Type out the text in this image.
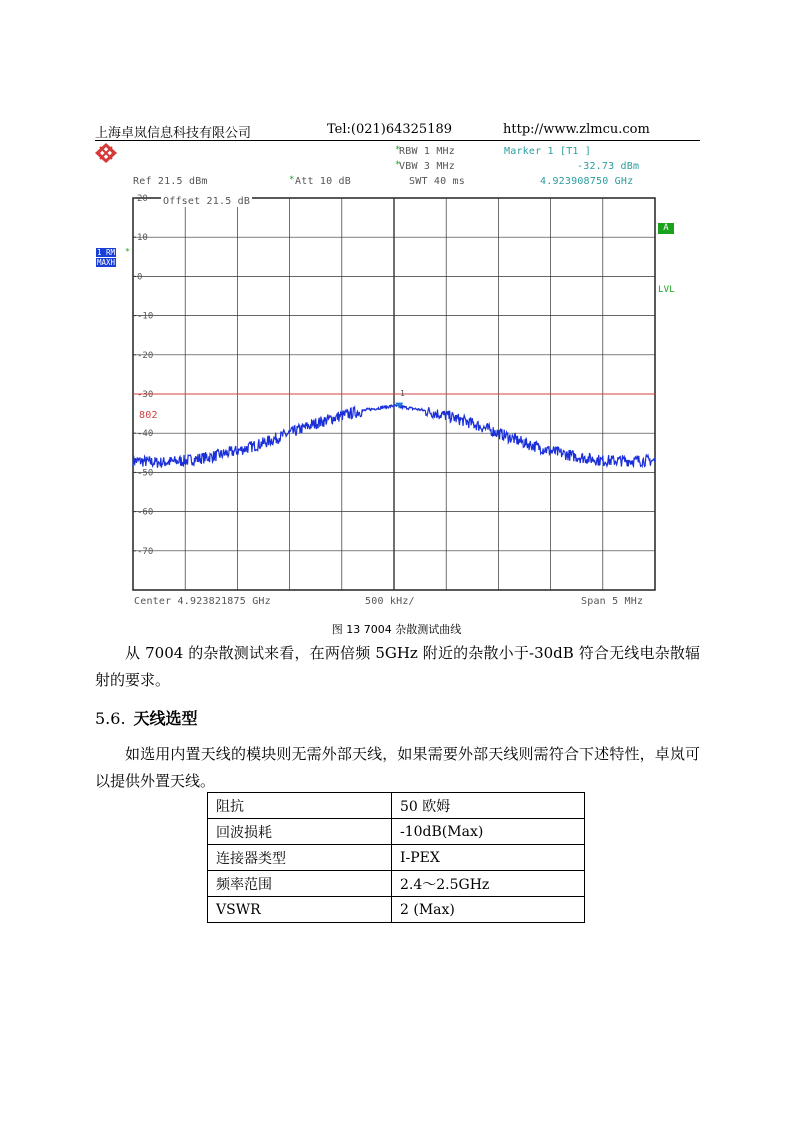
上海卓岚信息科技有限公司	Tel:(021)64325189	http://www.zlmcu.com
20
10
0
-10
-20
-30
-40
-50
-60
-70
RBW 1 MHz
*
VBW 3 MHz
*
SWT 40 ms
Ref 21.5 dBm	* Att 10 dB
Marker 1 [T1 ]
-32.73 dBm
4.923908750 GHz
Offset 21.5 dB
1 RM *
MAXH
A
LVL
802
1
Center 4.923821875 GHz	500 kHz/	Span 5 MHz
图 13 7004 杂散测试曲线

从 7004 的杂散测试来看，在两倍频 5GHz 附近的杂散小于-30dB 符合无线电杂散辐射的要求。

5.6. 天线选型

如选用内置天线的模块则无需外部天线，如果需要外部天线则需符合下述特性，卓岚可以提供外置天线。

阻抗	50 欧姆
回波损耗	-10dB(Max)
连接器类型	I-PEX
频率范围	2.4～2.5GHz
VSWR	2 (Max)
